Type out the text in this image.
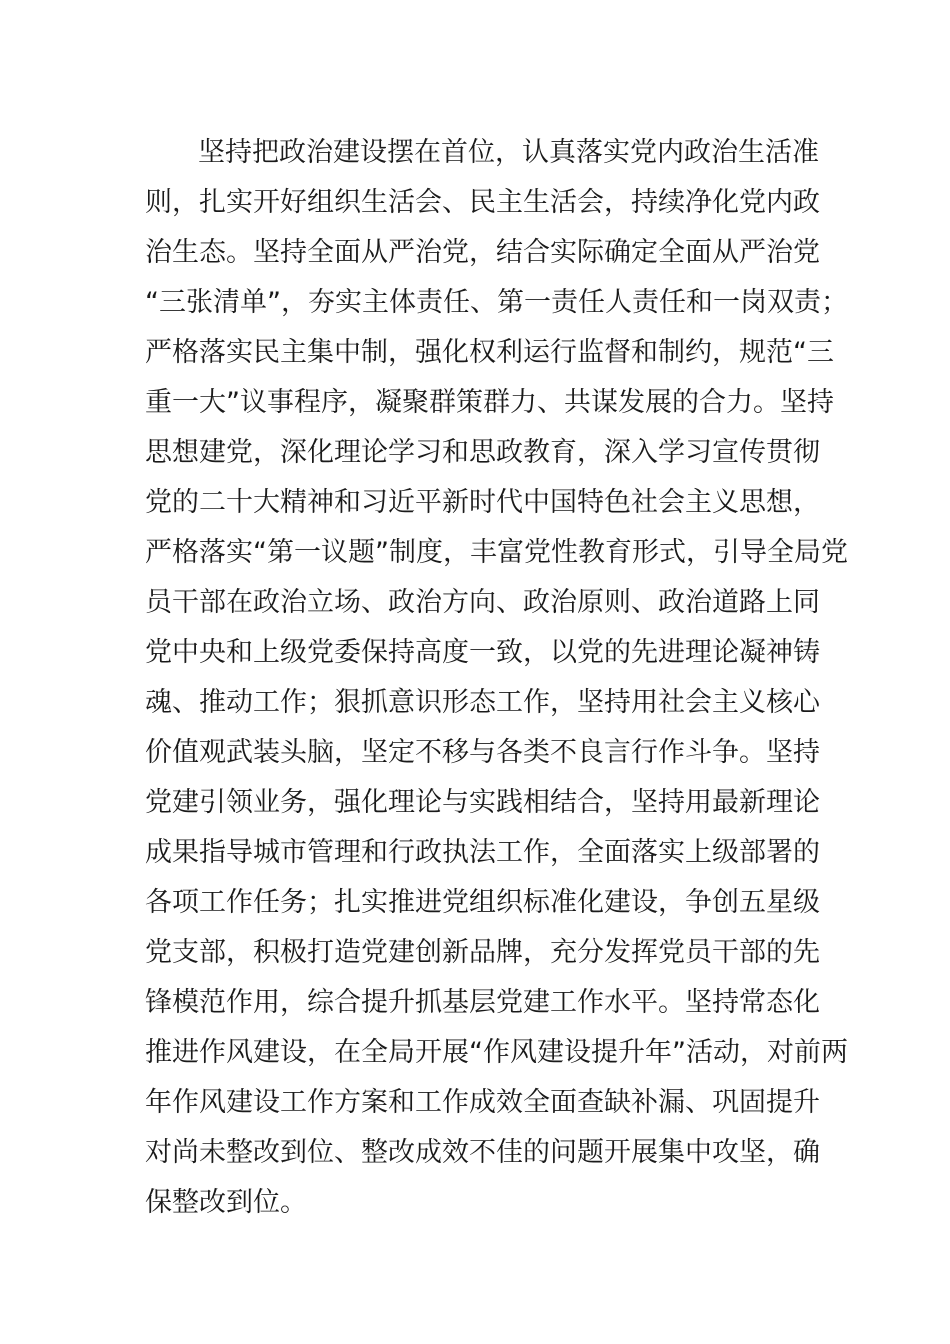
坚持把政治建设摆在首位，认真落实党内政治生活准
则，扎实开好组织生活会、民主生活会，持续净化党内政
治生态。坚持全面从严治党，结合实际确定全面从严治党
“三张清单”，夯实主体责任、第一责任人责任和一岗双责；
严格落实民主集中制，强化权利运行监督和制约，规范“三
重一大”议事程序，凝聚群策群力、共谋发展的合力。坚持
思想建党，深化理论学习和思政教育，深入学习宣传贯彻
党的二十大精神和习近平新时代中国特色社会主义思想，
严格落实“第一议题”制度，丰富党性教育形式，引导全局党
员干部在政治立场、政治方向、政治原则、政治道路上同
党中央和上级党委保持高度一致，以党的先进理论凝神铸
魂、推动工作；狠抓意识形态工作，坚持用社会主义核心
价值观武装头脑，坚定不移与各类不良言行作斗争。坚持
党建引领业务，强化理论与实践相结合，坚持用最新理论
成果指导城市管理和行政执法工作，全面落实上级部署的
各项工作任务；扎实推进党组织标准化建设，争创五星级
党支部，积极打造党建创新品牌，充分发挥党员干部的先
锋模范作用，综合提升抓基层党建工作水平。坚持常态化
推进作风建设，在全局开展“作风建设提升年”活动，对前两
年作风建设工作方案和工作成效全面查缺补漏、巩固提升
对尚未整改到位、整改成效不佳的问题开展集中攻坚，确
保整改到位。
